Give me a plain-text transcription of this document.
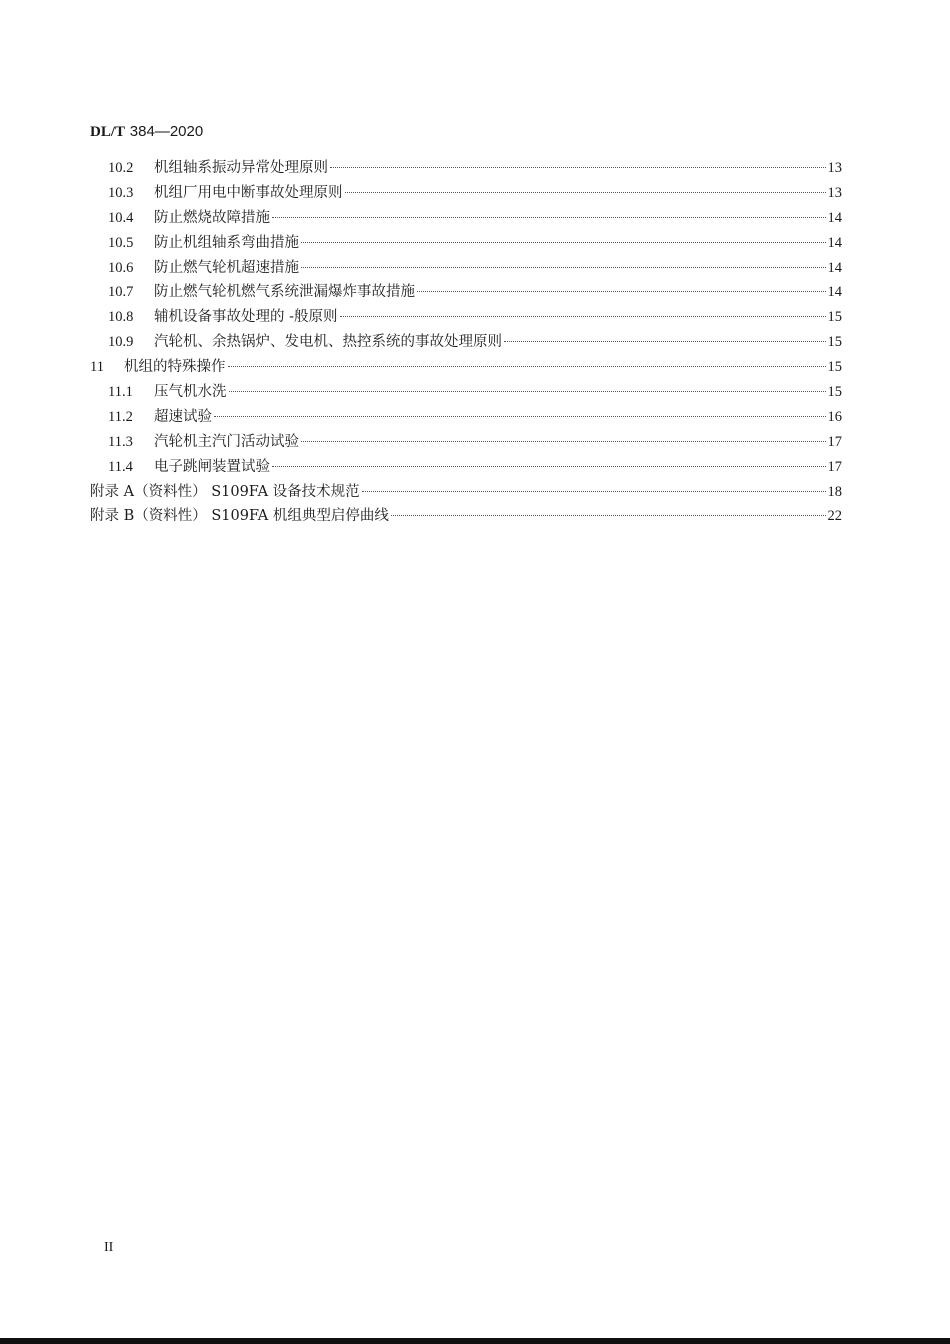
DL/T 384—2020
10.2	机组轴系振动异常处理原则	13
10.3	机组厂用电中断事故处理原则	13
10.4	防止燃烧故障措施	14
10.5	防止机组轴系弯曲措施	14
10.6	防止燃气轮机超速措施	14
10.7	防止燃气轮机燃气系统泄漏爆炸事故措施	14
10.8	辅机设备事故处理的 -般原则	15
10.9	汽轮机、余热锅炉、发电机、热控系统的事故处理原则	15
11	机组的特殊操作	15
11.1	压气机水洗	15
11.2	超速试验	16
11.3	汽轮机主汽门活动试验	17
11.4	电子跳闸装置试验	17
附录 A（资料性） S109FA 设备技术规范	18
附录 B（资料性） S109FA 机组典型启停曲线	22
II
